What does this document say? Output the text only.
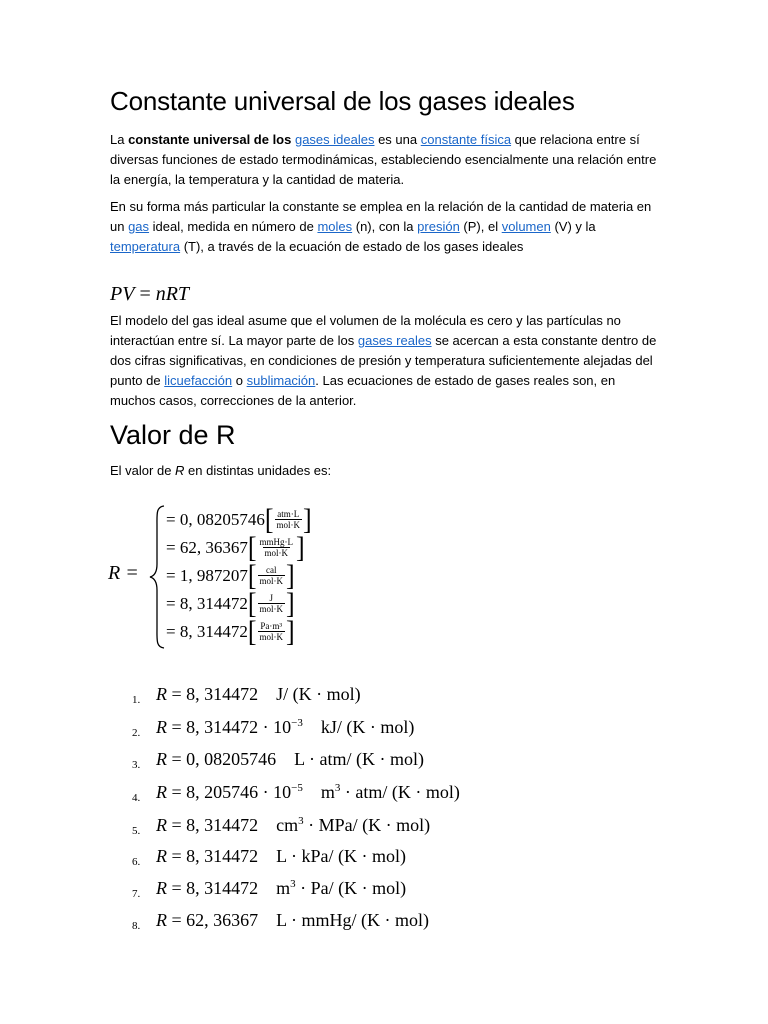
Constante universal de los gases ideales

La constante universal de los gases ideales es una constante física que relaciona entre sí diversas funciones de estado termodinámicas, estableciendo esencialmente una relación entre la energía, la temperatura y la cantidad de materia.

En su forma más particular la constante se emplea en la relación de la cantidad de materia en un gas ideal, medida en número de moles (n), con la presión (P), el volumen (V) y la temperatura (T), a través de la ecuación de estado de los gases ideales

PV = nRT

El modelo del gas ideal asume que el volumen de la molécula es cero y las partículas no interactúan entre sí. La mayor parte de los gases reales se acercan a esta constante dentro de dos cifras significativas, en condiciones de presión y temperatura suficientemente alejadas del punto de licuefacción o sublimación. Las ecuaciones de estado de gases reales son, en muchos casos, correcciones de la anterior.

Valor de R
El valor de R en distintas unidades es:
R =
= 0, 08205746 [ $\frac{\text{atm·L}}{\text{mol·K}}$ ]
= 62, 36367 [ $\frac{\text{mmHg·L}}{\text{mol·K}}$ ]
= 1, 987207 [ $\frac{\text{cal}}{\text{mol·K}}$ ]
= 8, 314472 [ $\frac{J}{\text{mol·K}}$ ]
= 8, 314472 [ $\frac{\text{Pa·m³}}{\text{mol·K}}$ ]
1. R = 8, 314472 J/ (K · mol)
2. R = 8, $314472 \cdot 10^{-3}$ kJ/ (K · mol)
3. R = 0, 08205746 L · atm/ (K · mol)
4. R = 8, $205746 \cdot 10^{-5}$ $m^3 \cdot atm/$ (K · mol)
5. R = 8, 314472 $cm^3 \cdot MPa/$ (K · mol)
6. R = 8, 314472 L · kPa/ (K · mol)
7. R = 8, 314472 $m^3 \cdot Pa/$ (K · mol)
8. R = 62, 36367 L · mmHg/ (K · mol)
